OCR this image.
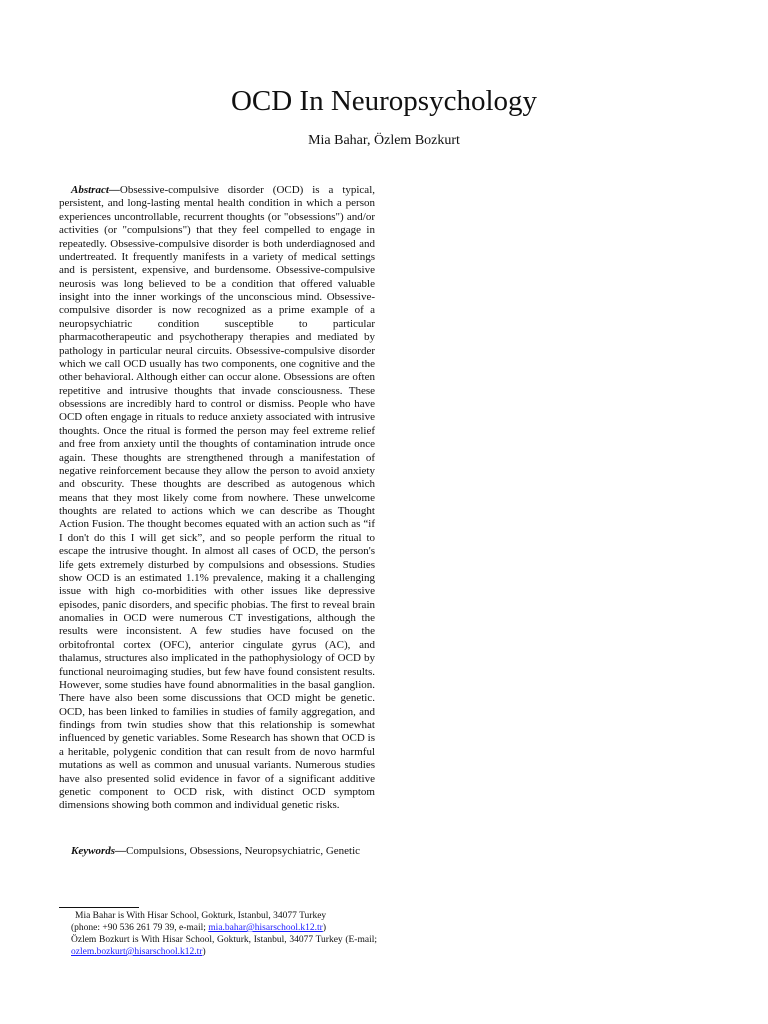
OCD In Neuropsychology
Mia Bahar, Özlem Bozkurt

Abstract—Obsessive-compulsive disorder (OCD) is a typical, persistent, and long-lasting mental health condition in which a person experiences uncontrollable, recurrent thoughts (or "obsessions") and/or activities (or "compulsions") that they feel compelled to engage in repeatedly. Obsessive-compulsive disorder is both underdiagnosed and undertreated. It frequently manifests in a variety of medical settings and is persistent, expensive, and burdensome. Obsessive-compulsive neurosis was long believed to be a condition that offered valuable insight into the inner workings of the unconscious mind. Obsessive-compulsive disorder is now recognized as a prime example of a neuropsychiatric condition susceptible to particular pharmacotherapeutic and psychotherapy therapies and mediated by pathology in particular neural circuits. Obsessive-compulsive disorder which we call OCD usually has two components, one cognitive and the other behavioral. Although either can occur alone. Obsessions are often repetitive and intrusive thoughts that invade consciousness. These obsessions are incredibly hard to control or dismiss. People who have OCD often engage in rituals to reduce anxiety associated with intrusive thoughts. Once the ritual is formed the person may feel extreme relief and free from anxiety until the thoughts of contamination intrude once again. These thoughts are strengthened through a manifestation of negative reinforcement because they allow the person to avoid anxiety and obscurity. These thoughts are described as autogenous which means that they most likely come from nowhere. These unwelcome thoughts are related to actions which we can describe as Thought Action Fusion. The thought becomes equated with an action such as “if I don't do this I will get sick”, and so people perform the ritual to escape the intrusive thought. In almost all cases of OCD, the person's life gets extremely disturbed by compulsions and obsessions. Studies show OCD is an estimated 1.1% prevalence, making it a challenging issue with high co-morbidities with other issues like depressive episodes, panic disorders, and specific phobias. The first to reveal brain anomalies in OCD were numerous CT investigations, although the results were inconsistent. A few studies have focused on the orbitofrontal cortex (OFC), anterior cingulate gyrus (AC), and thalamus, structures also implicated in the pathophysiology of OCD by functional neuroimaging studies, but few have found consistent results. However, some studies have found abnormalities in the basal ganglion. There have also been some discussions that OCD might be genetic. OCD, has been linked to families in studies of family aggregation, and findings from twin studies show that this relationship is somewhat influenced by genetic variables. Some Research has shown that OCD is a heritable, polygenic condition that can result from de novo harmful mutations as well as common and unusual variants. Numerous studies have also presented solid evidence in favor of a significant additive genetic component to OCD risk, with distinct OCD symptom dimensions showing both common and individual genetic risks.

Keywords—Compulsions, Obsessions, Neuropsychiatric, Genetic

Mia Bahar is With Hisar School, Gokturk, Istanbul, 34077 Turkey
(phone: +90 536 261 79 39, e-mail; mia.bahar@hisarschool.k12.tr)
Özlem Bozkurt is With Hisar School, Gokturk, Istanbul, 34077 Turkey (E-mail; ozlem.bozkurt@hisarschool.k12.tr)
